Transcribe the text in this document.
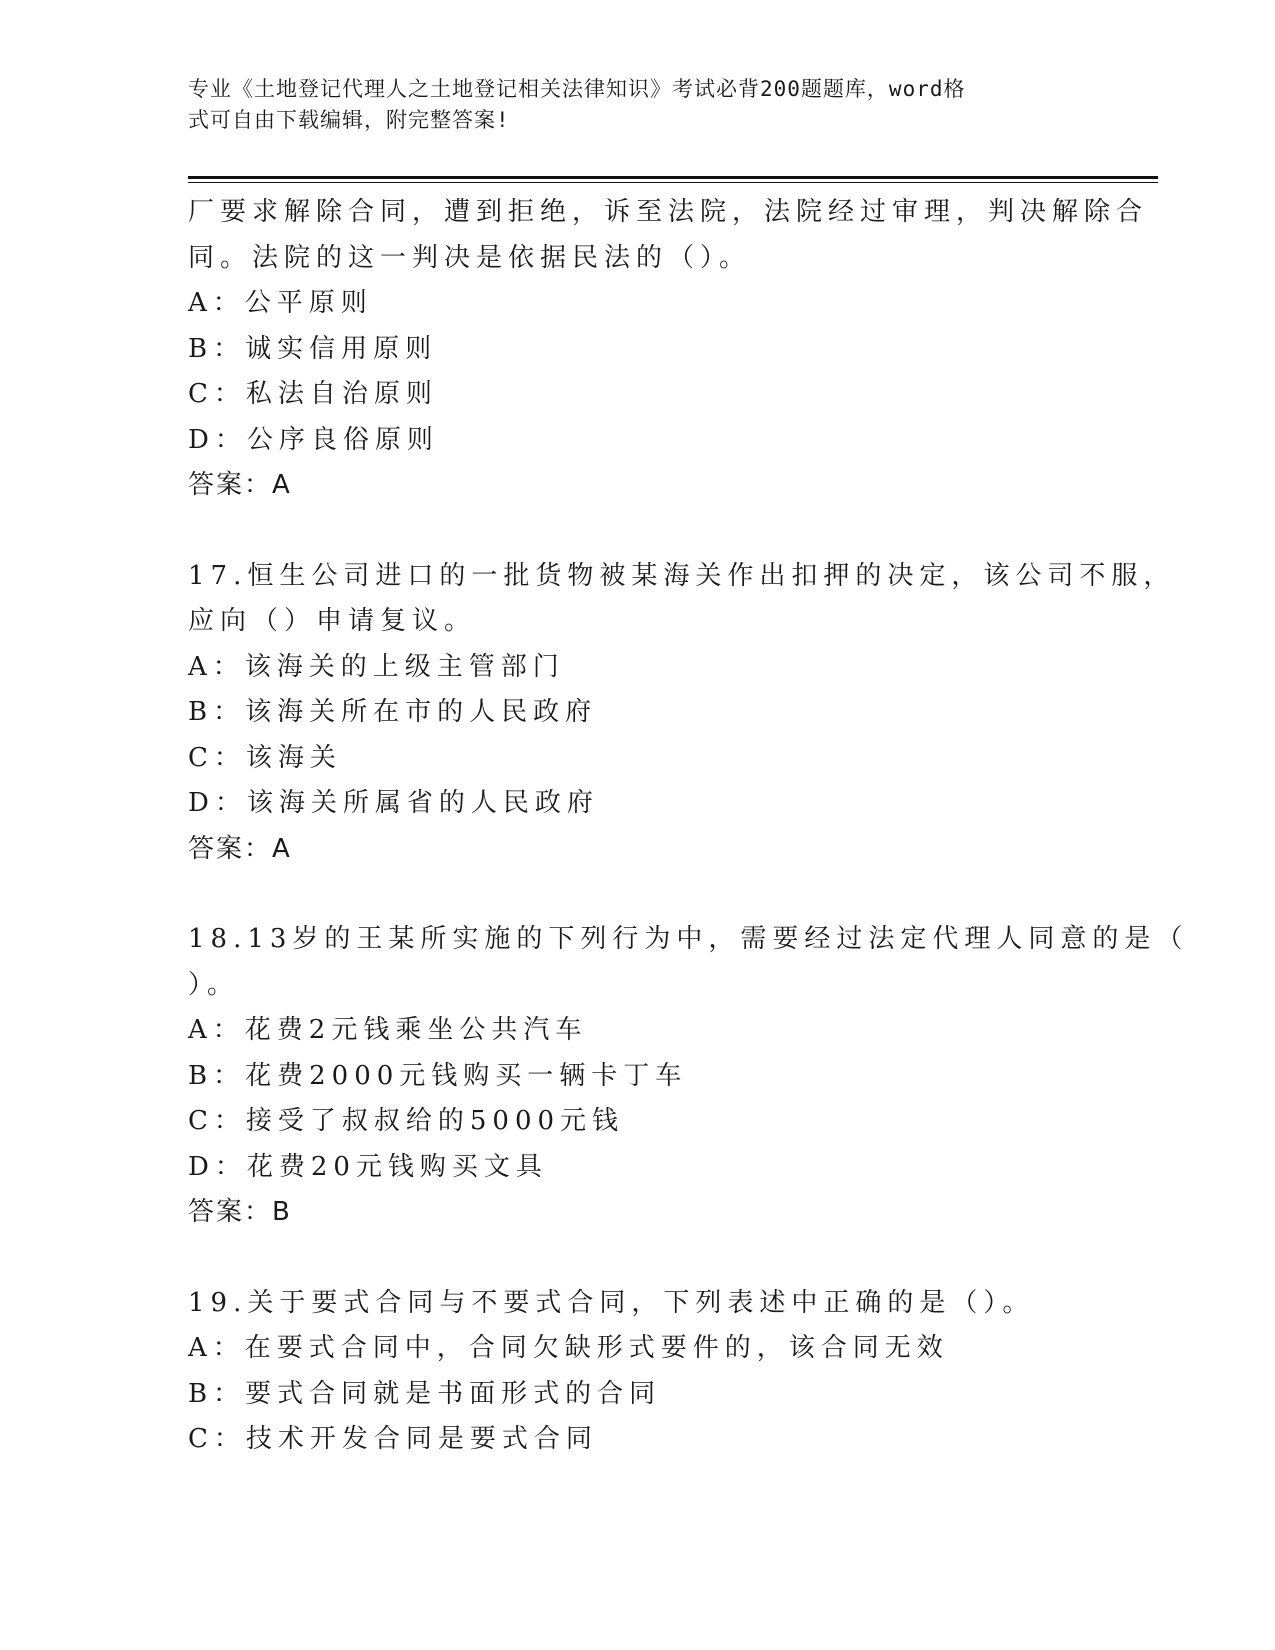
专业《土地登记代理人之土地登记相关法律知识》考试必背200题题库，word格
式可自由下载编辑，附完整答案!
厂要求解除合同，遭到拒绝，诉至法院，法院经过审理，判决解除合
同。法院的这一判决是依据民法的（）。
A：公平原则
B：诚实信用原则
C：私法自治原则
D：公序良俗原则
答案：A
17.恒生公司进口的一批货物被某海关作出扣押的决定，该公司不服，
应向（）申请复议。
A：该海关的上级主管部门
B：该海关所在市的人民政府
C：该海关
D：该海关所属省的人民政府
答案：A
18.13岁的王某所实施的下列行为中，需要经过法定代理人同意的是（
）。
A：花费2元钱乘坐公共汽车
B：花费2000元钱购买一辆卡丁车
C：接受了叔叔给的5000元钱
D：花费20元钱购买文具
答案：B
19.关于要式合同与不要式合同，下列表述中正确的是（）。
A：在要式合同中，合同欠缺形式要件的，该合同无效
B：要式合同就是书面形式的合同
C：技术开发合同是要式合同
